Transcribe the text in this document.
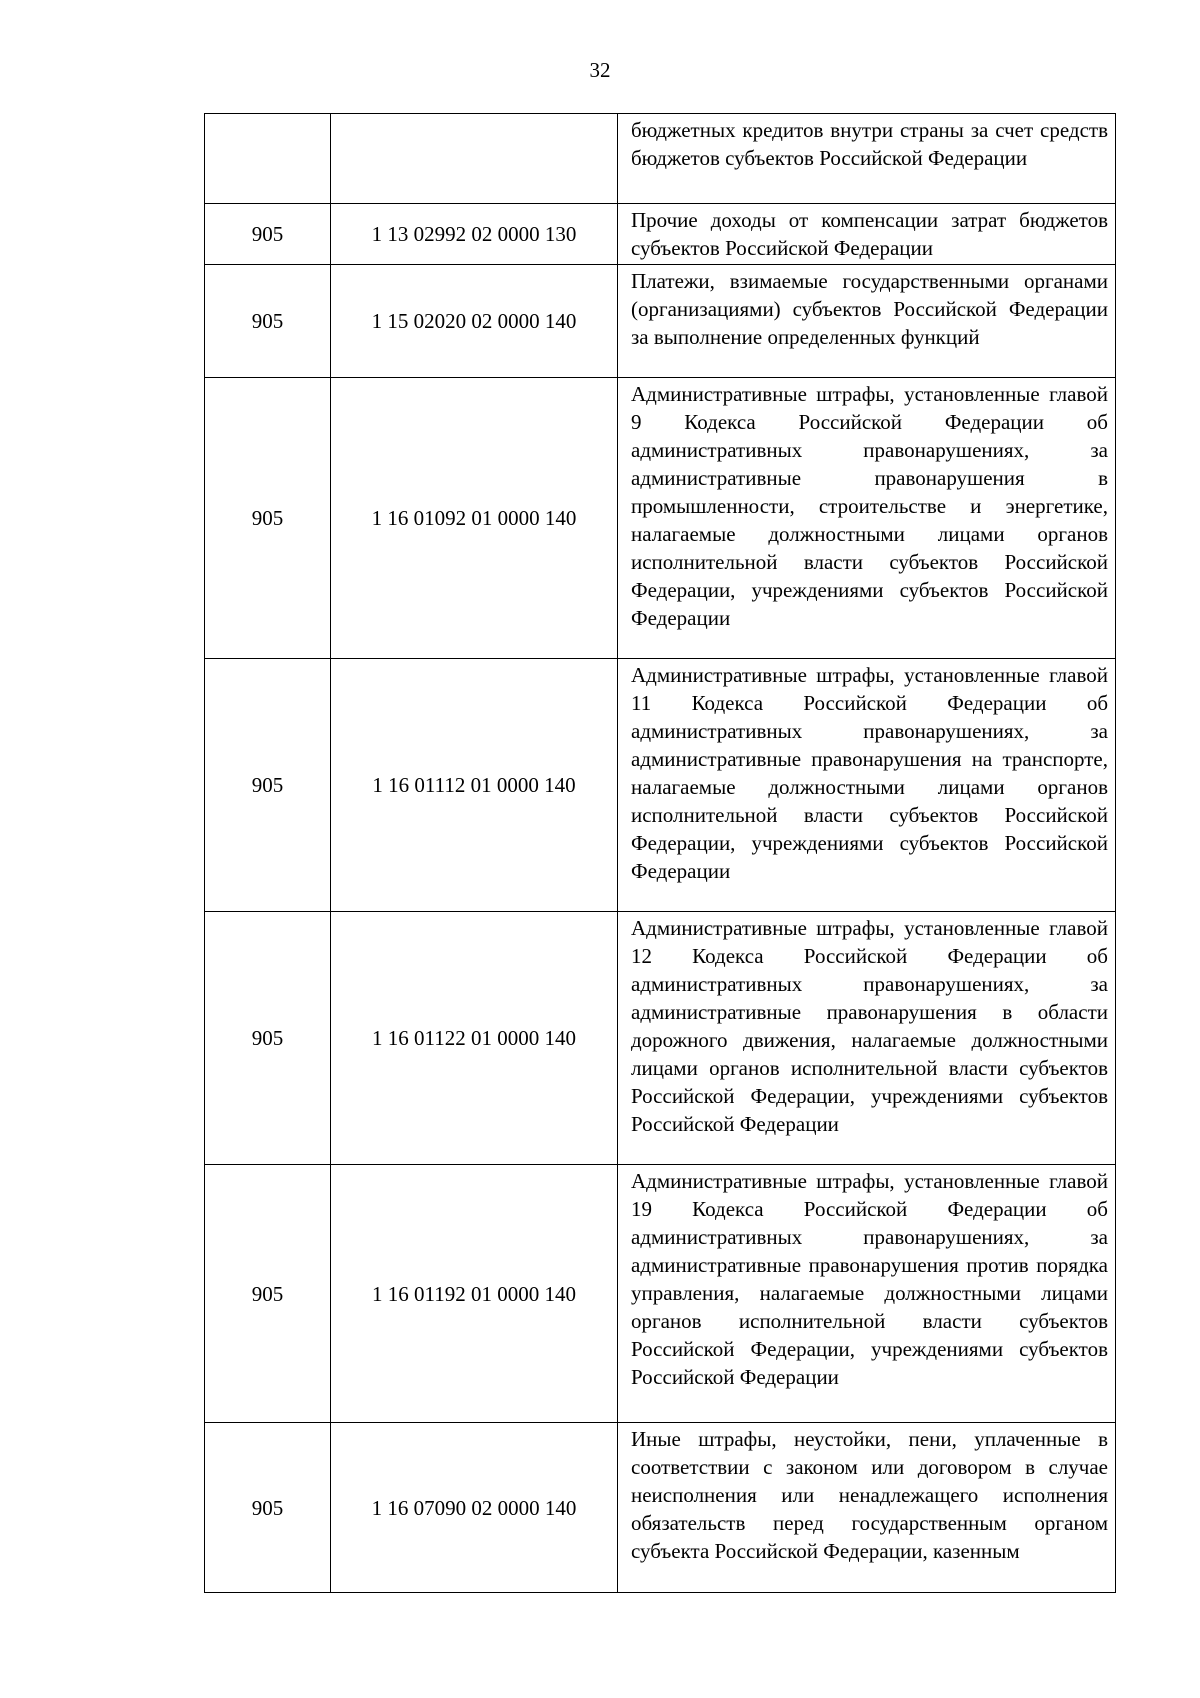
32
		бюджетных кредитов внутри страны за счет средств бюджетов субъектов Российской Федерации
905	1 13 02992 02 0000 130	Прочие доходы от компенсации затрат бюджетов субъектов Российской Федерации
905	1 15 02020 02 0000 140	Платежи, взимаемые государственными органами (организациями) субъектов Российской Федерации за выполнение определенных функций
905	1 16 01092 01 0000 140	Административные штрафы, установленные главой 9 Кодекса Российской Федерации об административных правонарушениях, за административные правонарушения в промышленности, строительстве и энергетике, налагаемые должностными лицами органов исполнительной власти субъектов Российской Федерации, учреждениями субъектов Российской Федерации
905	1 16 01112 01 0000 140	Административные штрафы, установленные главой 11 Кодекса Российской Федерации об административных правонарушениях, за административные правонарушения на транспорте, налагаемые должностными лицами органов исполнительной власти субъектов Российской Федерации, учреждениями субъектов Российской Федерации
905	1 16 01122 01 0000 140	Административные штрафы, установленные главой 12 Кодекса Российской Федерации об административных правонарушениях, за административные правонарушения в области дорожного движения, налагаемые должностными лицами органов исполнительной власти субъектов Российской Федерации, учреждениями субъектов Российской Федерации
905	1 16 01192 01 0000 140	Административные штрафы, установленные главой 19 Кодекса Российской Федерации об административных правонарушениях, за административные правонарушения против порядка управления, налагаемые должностными лицами органов исполнительной власти субъектов Российской Федерации, учреждениями субъектов Российской Федерации
905	1 16 07090 02 0000 140	Иные штрафы, неустойки, пени, уплаченные в соответствии с законом или договором в случае неисполнения или ненадлежащего исполнения обязательств перед государственным органом субъекта Российской Федерации, казенным
